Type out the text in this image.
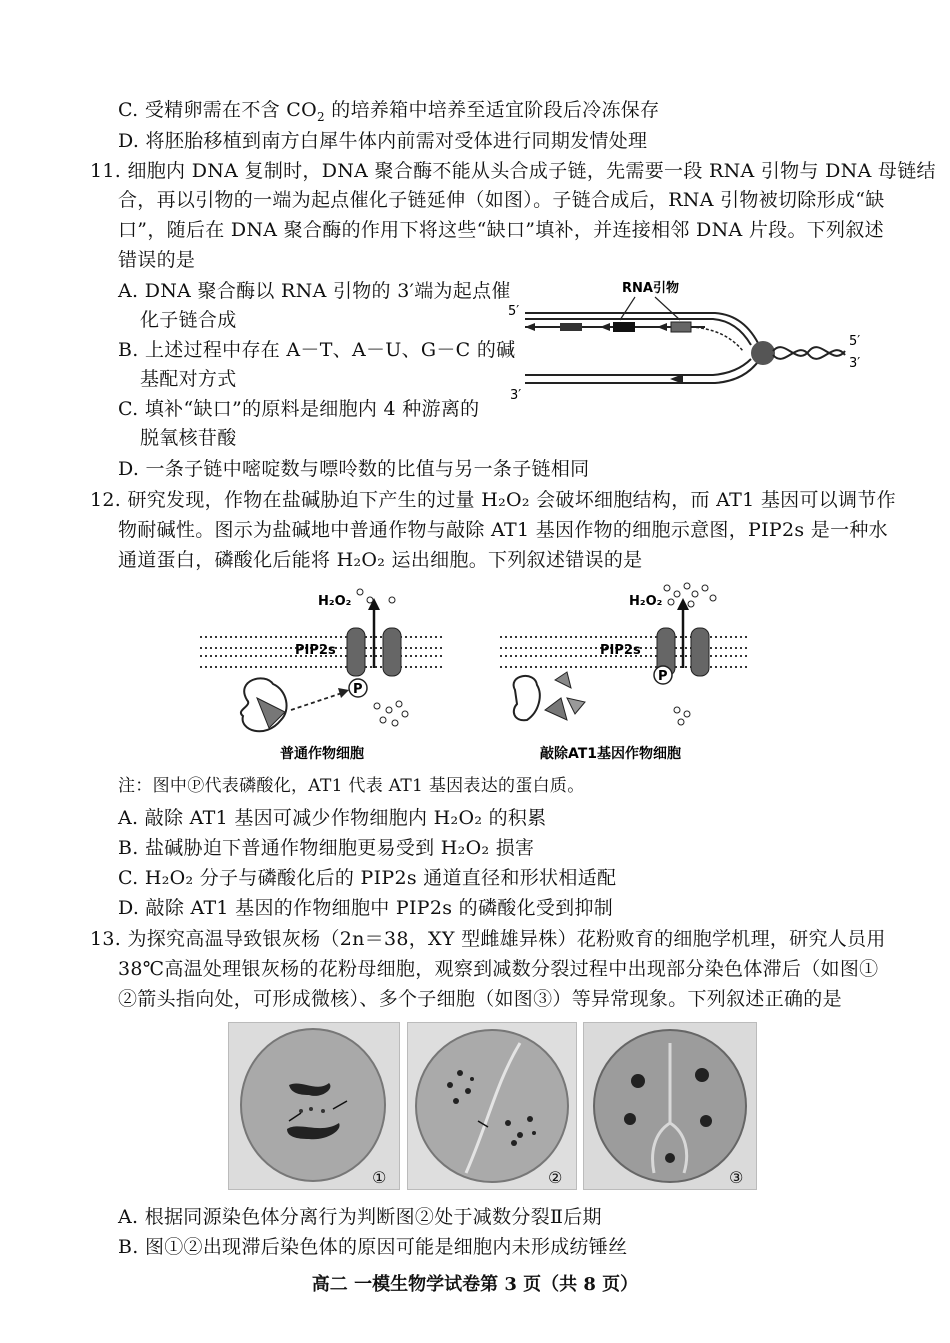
C. 受精卵需在不含 $CO_2$ 的培养箱中培养至适宜阶段后冷冻保存
D. 将胚胎移植到南方白犀牛体内前需对受体进行同期发情处理
11. 细胞内 DNA 复制时，DNA 聚合酶不能从头合成子链，先需要一段 RNA 引物与 DNA 母链结
合，再以引物的一端为起点催化子链延伸（如图）。子链合成后，RNA 引物被切除形成“缺
口”，随后在 DNA 聚合酶的作用下将这些“缺口”填补，并连接相邻 DNA 片段。下列叙述
错误的是
A. DNA 聚合酶以 RNA 引物的 3′端为起点催
化子链合成
B. 上述过程中存在 A－T、A－U、G－C 的碱
基配对方式
C. 填补“缺口”的原料是细胞内 4 种游离的
脱氧核苷酸
D. 一条子链中嘧啶数与嘌呤数的比值与另一条子链相同
RNA引物
5′
3′
5′
3′
12. 研究发现，作物在盐碱胁迫下产生的过量 H₂O₂ 会破坏细胞结构，而 AT1 基因可以调节作
物耐碱性。图示为盐碱地中普通作物与敲除 AT1 基因作物的细胞示意图，PIP2s 是一种水
通道蛋白，磷酸化后能将 H₂O₂ 运出细胞。下列叙述错误的是
P
H₂O₂
PIP2s
普通作物细胞
P
H₂O₂
PIP2s
敲除AT1基因作物细胞
注：图中Ⓟ代表磷酸化，AT1 代表 AT1 基因表达的蛋白质。
A. 敲除 AT1 基因可减少作物细胞内 H₂O₂ 的积累
B. 盐碱胁迫下普通作物细胞更易受到 H₂O₂ 损害
C. H₂O₂ 分子与磷酸化后的 PIP2s 通道直径和形状相适配
D. 敲除 AT1 基因的作物细胞中 PIP2s 的磷酸化受到抑制
13. 为探究高温导致银灰杨（2n＝38，XY 型雌雄异株）花粉败育的细胞学机理，研究人员用
38℃高温处理银灰杨的花粉母细胞，观察到减数分裂过程中出现部分染色体滞后（如图①
②箭头指向处，可形成微核）、多个子细胞（如图③）等异常现象。下列叙述正确的是
①	②	③
A. 根据同源染色体分离行为判断图②处于减数分裂Ⅱ后期
B. 图①②出现滞后染色体的原因可能是细胞内未形成纺锤丝
高二 一模生物学试卷第 3 页（共 8 页）
